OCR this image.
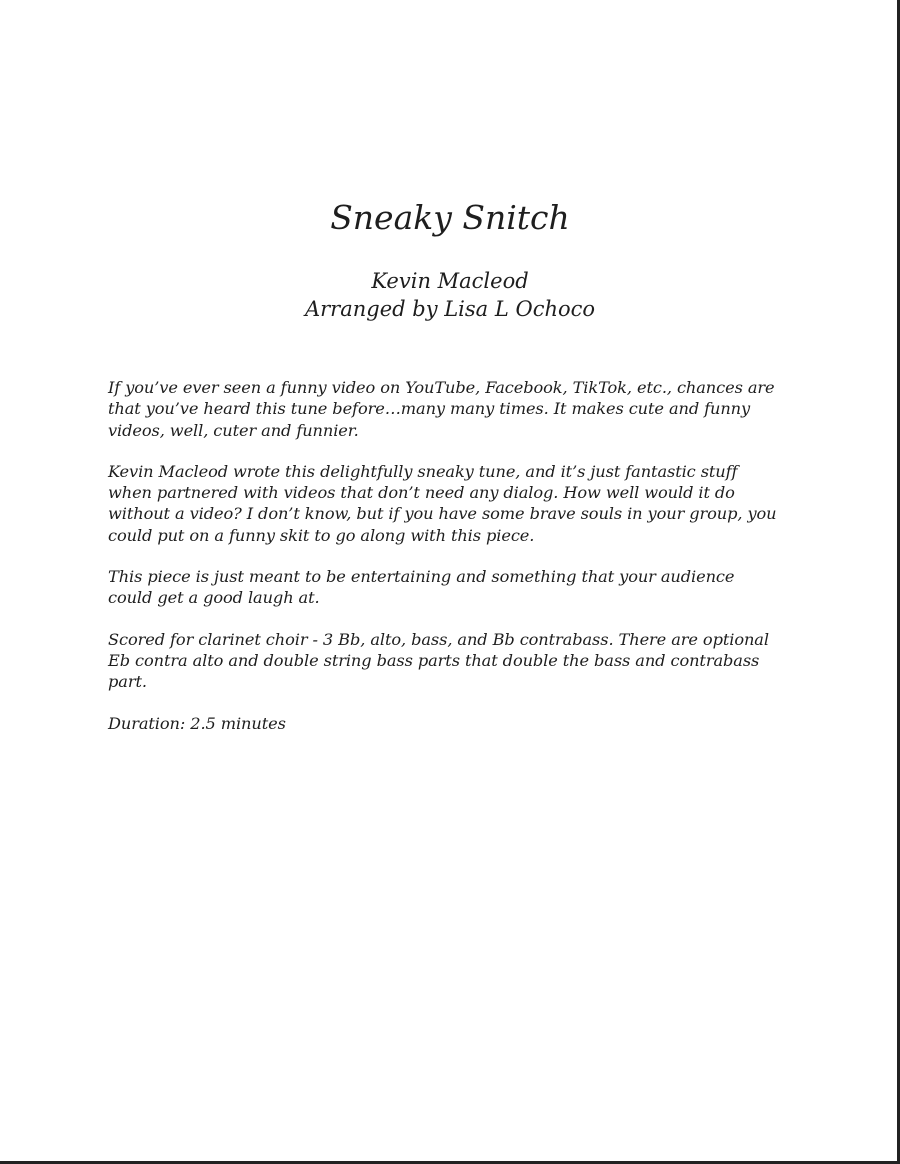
Sneaky Snitch
Kevin Macleod
Arranged by Lisa L Ochoco

If you’ve ever seen a funny video on YouTube, Facebook, TikTok, etc., chances are that you’ve heard this tune before…many many times. It makes cute and funny videos, well, cuter and funnier.

Kevin Macleod wrote this delightfully sneaky tune, and it’s just fantastic stuff when partnered with videos that don’t need any dialog. How well would it do without a video? I don’t know, but if you have some brave souls in your group, you could put on a funny skit to go along with this piece.

This piece is just meant to be entertaining and something that your audience could get a good laugh at.

Scored for clarinet choir - 3 Bb, alto, bass, and Bb contrabass. There are optional Eb contra alto and double string bass parts that double the bass and contrabass part.

Duration: 2.5 minutes
